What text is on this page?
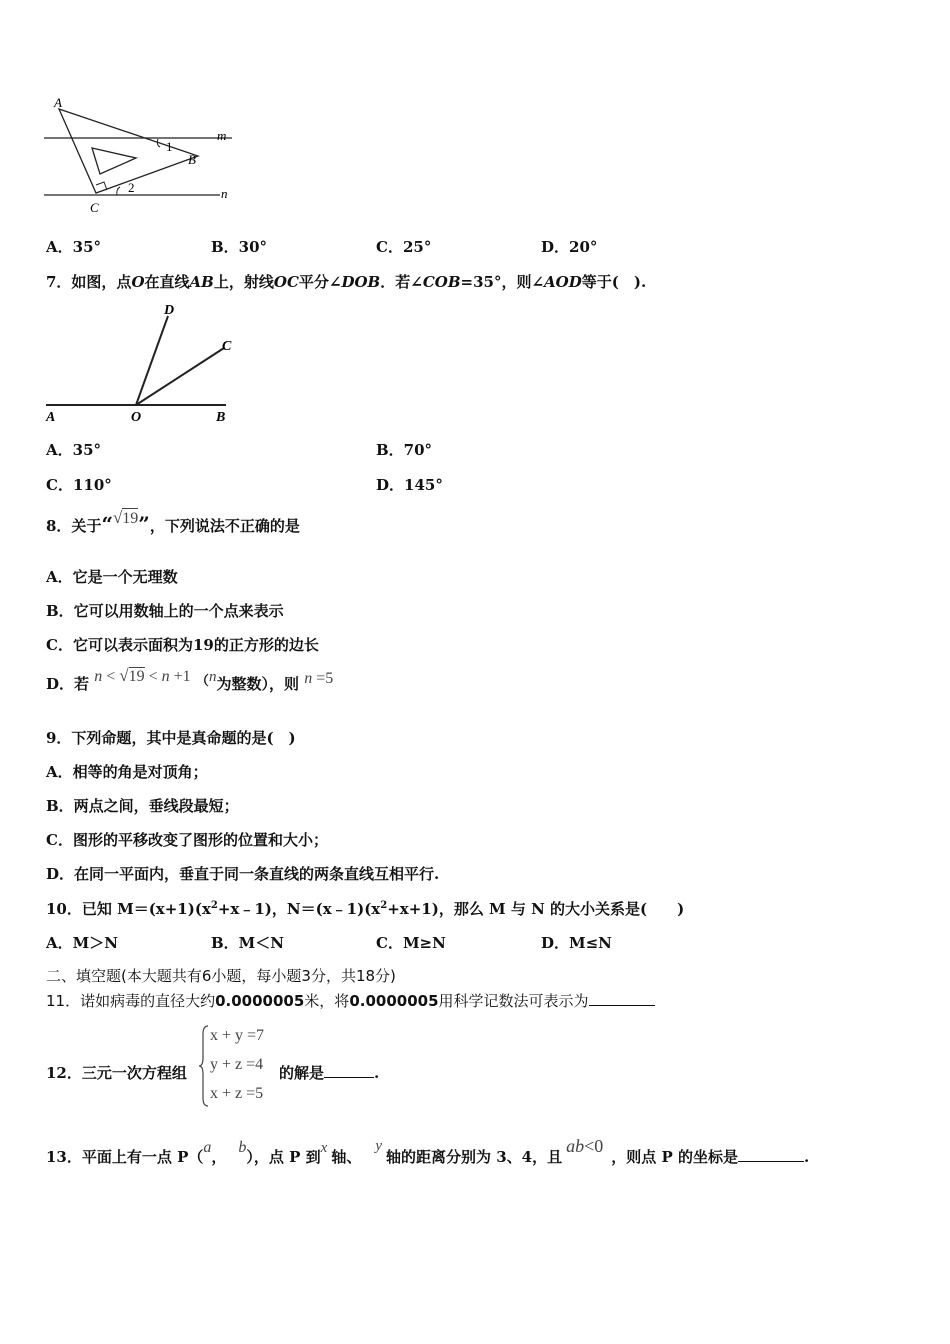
A
1
B
m
2	n
C
A．35°	B．30°	C．25°	D．20°
7．如图，点O在直线AB上，射线OC平分∠DOB．若∠COB=35°，则∠AOD等于(　).
D
C
A	O	B
A．35°	B．70°
C．110°	D．145°
8．关于“√19”，下列说法不正确的是
A．它是一个无理数
B．它可以用数轴上的一个点来表示
C．它可以表示面积为19的正方形的边长
D．若 n < √19 < n +1 （n为整数），则 n =5
9．下列命题，其中是真命题的是(　)
A．相等的角是对顶角；
B．两点之间，垂线段最短；
C．图形的平移改变了图形的位置和大小；
D．在同一平面内，垂直于同一条直线的两条直线互相平行.
10．已知 $M=(x+1)(x^2+x﹣1)$，$N=(x﹣1)(x^2+x+1)$，那么 M 与 N 的大小关系是(　　)
A．M＞N	B．M＜N	C．M≥N	D．M≤N
二、填空题(本大题共有6小题，每小题3分，共18分)
11．诺如病毒的直径大约0.0000005米，将0.0000005用科学记数法可表示为
12．三元一次方程组
x + y =7
y + z =4
x + z =5
的解是	.
13．平面上有一点 P（a，b），点 P 到x 轴、y轴的距离分别为 3、4，且ab<0，则点 P 的坐标是	.
